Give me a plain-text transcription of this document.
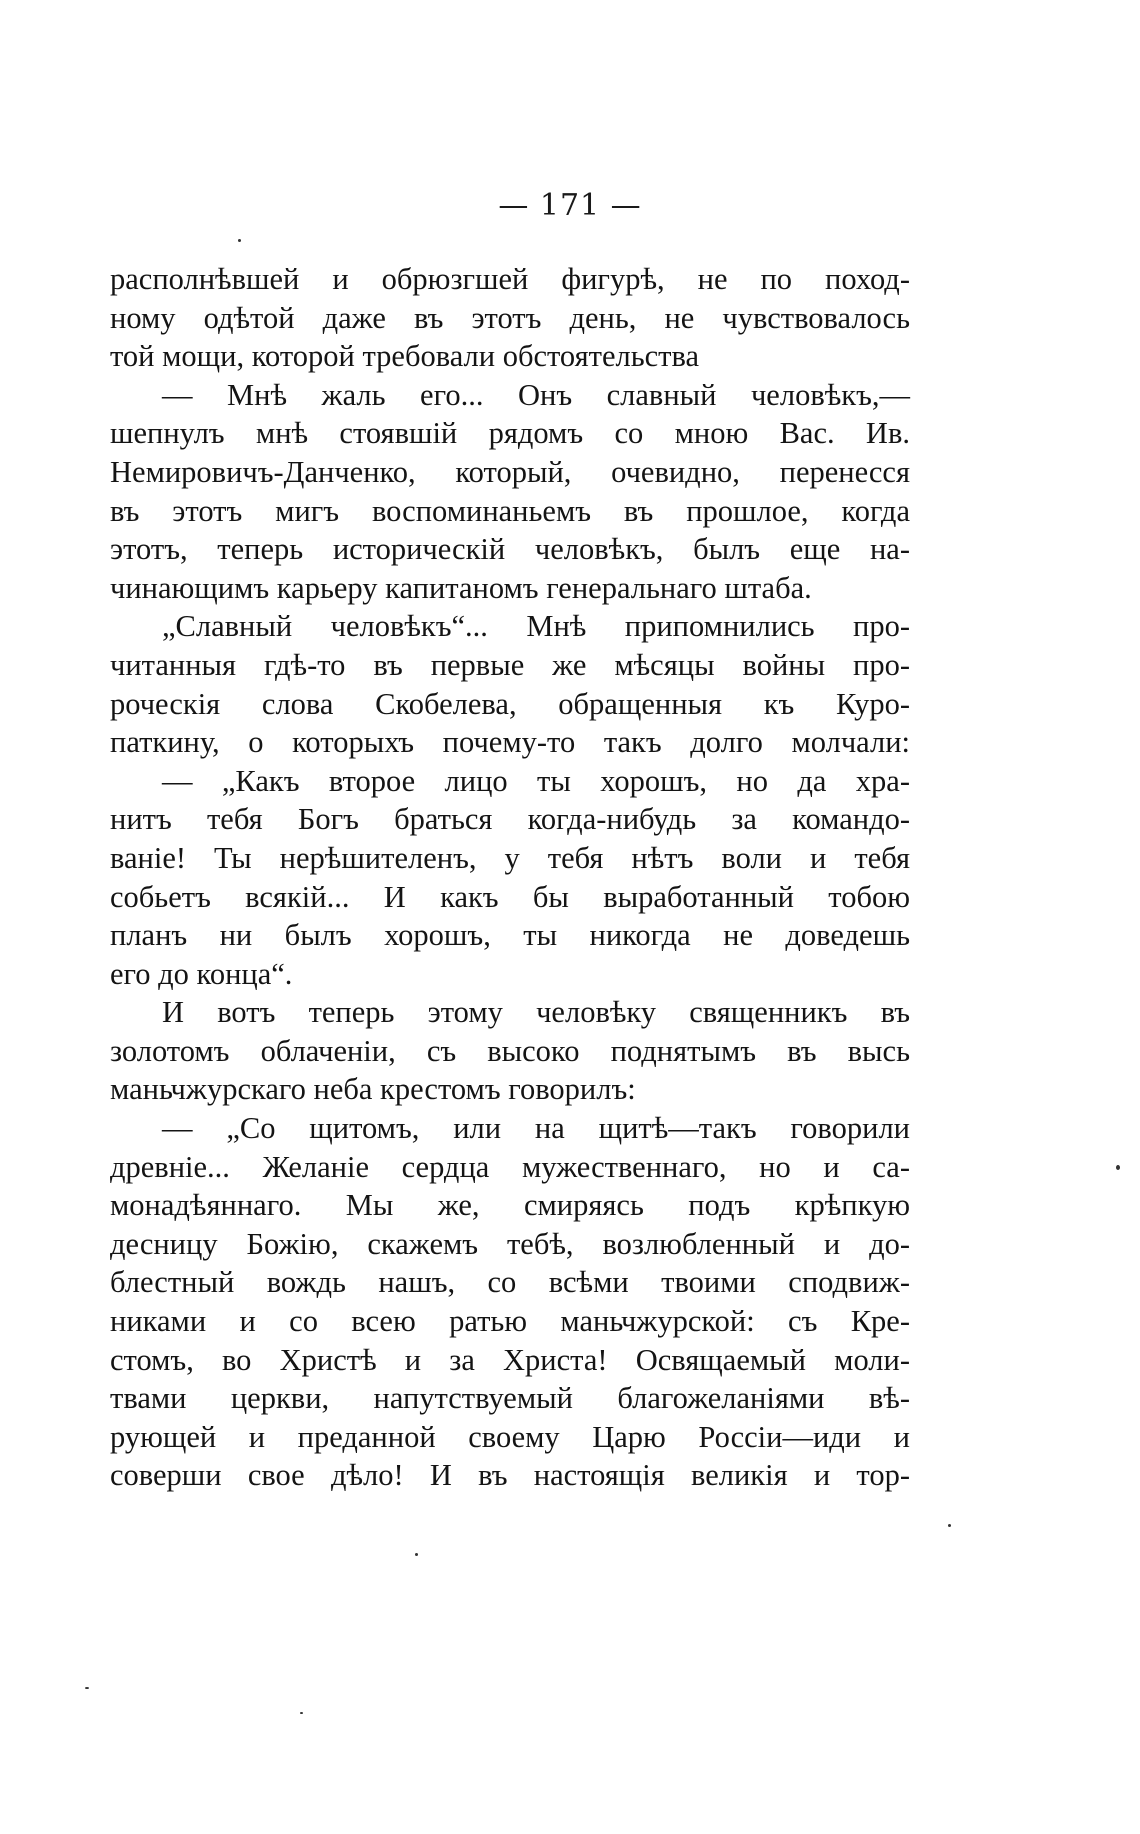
— 171 —
располнѣвшей и обрюзгшей фигурѣ, не по поход-
ному одѣтой даже въ этотъ день, не чувствовалось
той мощи, которой требовали обстоятельства
— Мнѣ жаль его... Онъ славный человѣкъ,—
шепнулъ мнѣ стоявшій рядомъ со мною Вас. Ив.
Немировичъ-Данченко, который, очевидно, перенесся
въ этотъ мигъ воспоминаньемъ въ прошлое, когда
этотъ, теперь историческій человѣкъ, былъ еще на-
чинающимъ карьеру капитаномъ генеральнаго штаба.
„Славный человѣкъ“... Мнѣ припомнились про-
читанныя гдѣ-то въ первые же мѣсяцы войны про-
роческія слова Скобелева, обращенныя къ Куро-
паткину, о которыхъ почему-то такъ долго молчали:
— „Какъ второе лицо ты хорошъ, но да хра-
нитъ тебя Богъ браться когда-нибудь за командо-
ваніе! Ты нерѣшителенъ, у тебя нѣтъ воли и тебя
собьетъ всякій... И какъ бы выработанный тобою
планъ ни былъ хорошъ, ты никогда не доведешь
его до конца“.
И вотъ теперь этому человѣку священникъ въ
золотомъ облаченіи, съ высоко поднятымъ въ высь
маньчжурскаго неба крестомъ говорилъ:
— „Со щитомъ, или на щитѣ—такъ говорили
древніе... Желаніе сердца мужественнаго, но и са-
монадѣяннаго. Мы же, смиряясь подъ крѣпкую
десницу Божію, скажемъ тебѣ, возлюбленный и до-
блестный вождь нашъ, со всѣми твоими сподвиж-
никами и со всею ратью маньчжурской: съ Кре-
стомъ, во Христѣ и за Христа! Освящаемый моли-
твами церкви, напутствуемый благожеланіями вѣ-
рующей и преданной своему Царю Россіи—иди и
соверши свое дѣло! И въ настоящія великія и тор-
